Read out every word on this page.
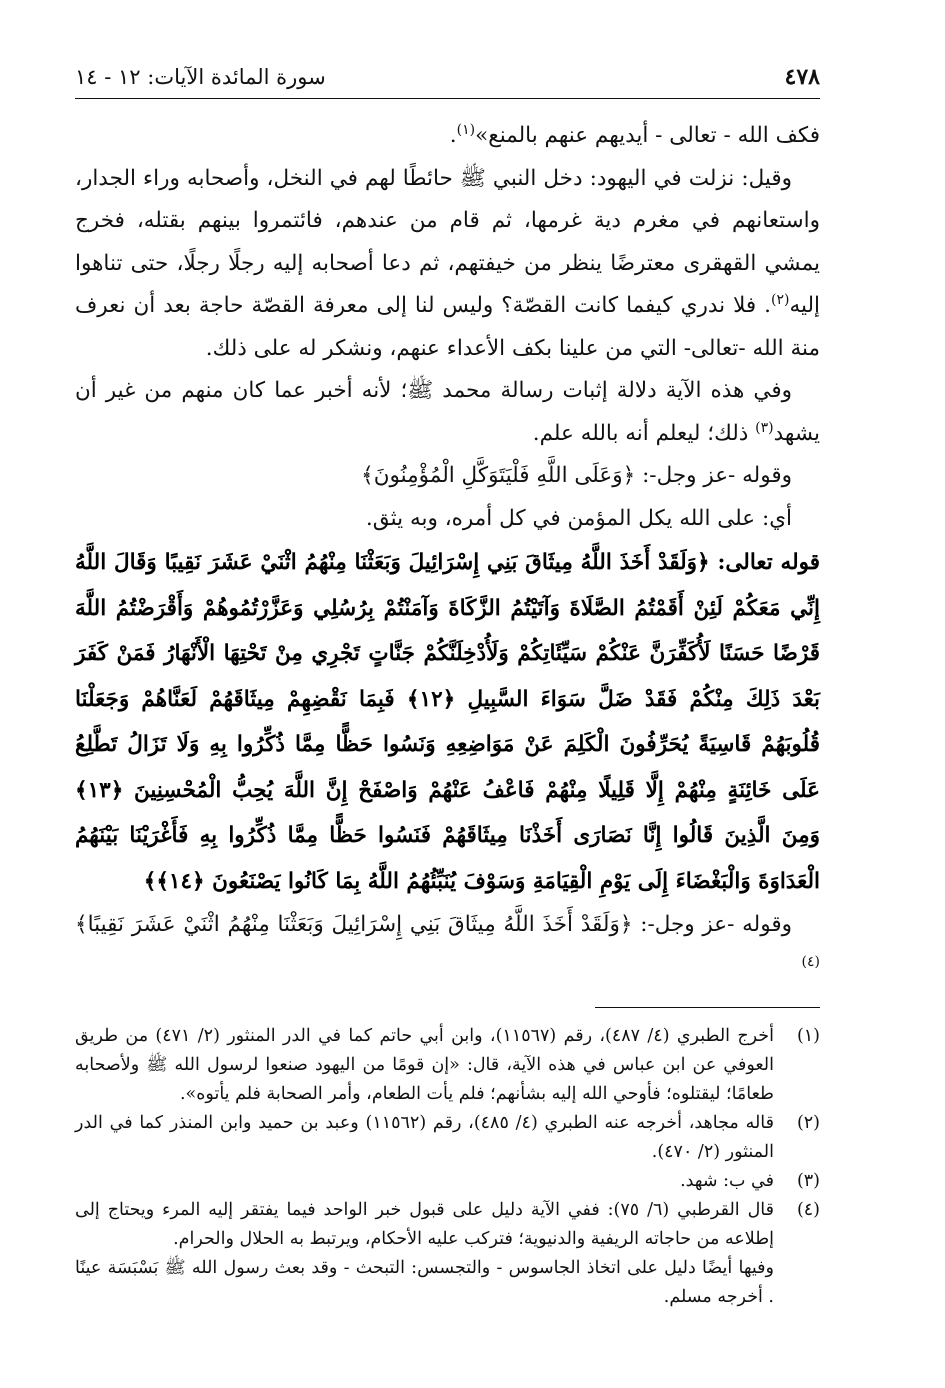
٤٧٨
سورة المائدة الآيات: ١٢ - ١٤

فكف الله - تعالى - أيديهم عنهم بالمنع»$^{(١)}$.

وقيل: نزلت في اليهود: دخل النبي ﷺ حائطًا لهم في النخل، وأصحابه وراء الجدار، واستعانهم في مغرم دية غرمها، ثم قام من عندهم، فائتمروا بينهم بقتله، فخرج يمشي القهقرى معترضًا ينظر من خيفتهم، ثم دعا أصحابه إليه رجلًا رجلًا، حتى تناهوا إليه$^{(٢)}$. فلا ندري كيفما كانت القصّة؟ وليس لنا إلى معرفة القصّة حاجة بعد أن نعرف منة الله -تعالى- التي من علينا بكف الأعداء عنهم، ونشكر له على ذلك.

وفي هذه الآية دلالة إثبات رسالة محمد ﷺ؛ لأنه أخبر عما كان منهم من غير أن يشهد$^{(٣)}$ ذلك؛ ليعلم أنه بالله علم.

وقوله -عز وجل-: ﴿وَعَلَى اللَّهِ فَلْيَتَوَكَّلِ الْمُؤْمِنُونَ﴾

أي: على الله يكل المؤمن في كل أمره، وبه يثق.

قوله تعالى: ﴿وَلَقَدْ أَخَذَ اللَّهُ مِيثَاقَ بَنِي إِسْرَائِيلَ وَبَعَثْنَا مِنْهُمُ اثْنَيْ عَشَرَ نَقِيبًا وَقَالَ اللَّهُ إِنِّي مَعَكُمْ لَئِنْ أَقَمْتُمُ الصَّلَاةَ وَآتَيْتُمُ الزَّكَاةَ وَآمَنْتُمْ بِرُسُلِي وَعَزَّرْتُمُوهُمْ وَأَقْرَضْتُمُ اللَّهَ قَرْضًا حَسَنًا لَأُكَفِّرَنَّ عَنْكُمْ سَيِّئَاتِكُمْ وَلَأُدْخِلَنَّكُمْ جَنَّاتٍ تَجْرِي مِنْ تَحْتِهَا الْأَنْهَارُ فَمَنْ كَفَرَ بَعْدَ ذَلِكَ مِنْكُمْ فَقَدْ ضَلَّ سَوَاءَ السَّبِيلِ ﴿١٢﴾ فَبِمَا نَقْضِهِمْ مِيثَاقَهُمْ لَعَنَّاهُمْ وَجَعَلْنَا قُلُوبَهُمْ قَاسِيَةً يُحَرِّفُونَ الْكَلِمَ عَنْ مَوَاضِعِهِ وَنَسُوا حَظًّا مِمَّا ذُكِّرُوا بِهِ وَلَا تَزَالُ تَطَّلِعُ عَلَى خَائِنَةٍ مِنْهُمْ إِلَّا قَلِيلًا مِنْهُمْ فَاعْفُ عَنْهُمْ وَاصْفَحْ إِنَّ اللَّهَ يُحِبُّ الْمُحْسِنِينَ ﴿١٣﴾ وَمِنَ الَّذِينَ قَالُوا إِنَّا نَصَارَى أَخَذْنَا مِيثَاقَهُمْ فَنَسُوا حَظًّا مِمَّا ذُكِّرُوا بِهِ فَأَغْرَيْنَا بَيْنَهُمُ الْعَدَاوَةَ وَالْبَغْضَاءَ إِلَى يَوْمِ الْقِيَامَةِ وَسَوْفَ يُنَبِّئُهُمُ اللَّهُ بِمَا كَانُوا يَصْنَعُونَ ﴿١٤﴾﴾

وقوله -عز وجل-: ﴿وَلَقَدْ أَخَذَ اللَّهُ مِيثَاقَ بَنِي إِسْرَائِيلَ وَبَعَثْنَا مِنْهُمُ اثْنَيْ عَشَرَ نَقِيبًا﴾$^{(٤)}$

(١)
أخرج الطبري (٤/ ٤٨٧)، رقم (١١٥٦٧)، وابن أبي حاتم كما في الدر المنثور (٢/ ٤٧١) من طريق العوفي عن ابن عباس في هذه الآية، قال: «إن قومًا من اليهود صنعوا لرسول الله ﷺ ولأصحابه طعامًا؛ ليقتلوه؛ فأوحي الله إليه بشأنهم؛ فلم يأت الطعام، وأمر الصحابة فلم يأتوه».
(٢)
قاله مجاهد، أخرجه عنه الطبري (٤/ ٤٨٥)، رقم (١١٥٦٢) وعبد بن حميد وابن المنذر كما في الدر المنثور (٢/ ٤٧٠).
(٣)
في ب: شهد.
(٤)
قال القرطبي (٦/ ٧٥): ففي الآية دليل على قبول خبر الواحد فيما يفتقر إليه المرء ويحتاج إلى إطلاعه من حاجاته الريفية والدنيوية؛ فتركب عليه الأحكام، ويرتبط به الحلال والحرام.
وفيها أيضًا دليل على اتخاذ الجاسوس - والتجسس: التبحث - وقد بعث رسول الله ﷺ بَسْبَسَة عينًا . أخرجه مسلم.
